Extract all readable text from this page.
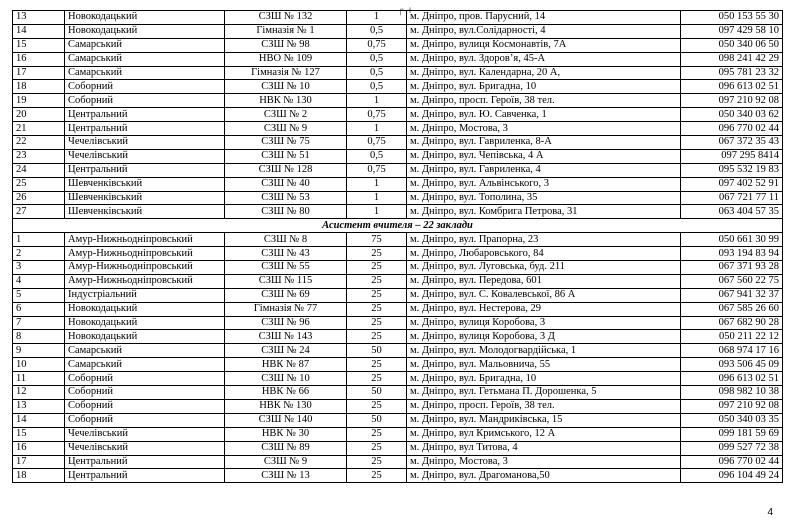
╒ +
13	Новокодацький	СЗШ № 132	1	м. Дніпро, пров. Парусний, 14	050 153 55 30
14	Новокодацький	Гімназія № 1	0,5	м. Дніпро, вул.Солідарності, 4	097 429 58 10
15	Самарський	СЗШ № 98	0,75	м. Дніпро, вулиця Космонавтів, 7А	050 340 06 50
16	Самарський	НВО № 109	0,5	м. Дніпро, вул. Здоров’я, 45-А	098 241 42 29
17	Самарський	Гімназія № 127	0,5	м. Дніпро, вул. Календарна, 20 А,	095 781 23 32
18	Соборний	СЗШ № 10	0,5	м. Дніпро, вул. Бригадна, 10	096 613 02 51
19	Соборний	НВК № 130	1	м. Дніпро, просп. Героїв, 38 тел.	097 210 92 08
20	Центральний	СЗШ № 2	0,75	м. Дніпро, вул. Ю. Савченка, 1	050 340 03 62
21	Центральний	СЗШ № 9	1	м. Дніпро, Мостова, 3	096 770 02 44
22	Чечелівський	СЗШ № 75	0,75	м. Дніпро, вул. Гавриленка, 8-А	067 372 35 43
23	Чечелівський	СЗШ № 51	0,5	м. Дніпро, вул. Чепівська, 4 А	097 295 8414
24	Центральний	СЗШ № 128	0,75	м. Дніпро, вул. Гавриленка, 4	095 532 19 83
25	Шевченківський	СЗШ № 40	1	м. Дніпро, вул. Альвінського, 3	097 402 52 91
26	Шевченківський	СЗШ № 53	1	м. Дніпро, вул. Тополина, 35	067 721 77 11
27	Шевченківський	СЗШ № 80	1	м. Дніпро, вул. Комбрига Петрова, 31	063 404 57 35
Асистент вчителя – 22 заклади					
1	Амур-Нижньодніпровський	СЗШ № 8	75	м. Дніпро, вул. Прапорна, 23	050 661 30 99
2	Амур-Нижньодніпровський	СЗШ № 43	25	м. Дніпро, Любаровського, 84	093 194 83 94
3	Амур-Нижньодніпровський	СЗШ № 55	25	м. Дніпро, вул. Луговська, буд. 211	067 371 93 28
4	Амур-Нижньодніпровський	СЗШ № 115	25	м. Дніпро, вул. Передова, 601	067 560 22 75
5	Індустріальний	СЗШ № 69	25	м. Дніпро, вул. С. Ковалевської, 86 А	067 941 32 37
6	Новокодацький	Гімназія № 77	25	м. Дніпро, вул. Нестерова, 29	067 585 26 60
7	Новокодацький	СЗШ № 96	25	м. Дніпро, вулиця Коробова, 3	067 682 90 28
8	Новокодацький	СЗШ № 143	25	м. Дніпро, вулиця Коробова, 3 Д	050 211 22 12
9	Самарський	СЗШ № 24	50	м. Дніпро, вул. Молодогвардійська, 1	068 974 17 16
10	Самарський	НВК № 87	25	м. Дніпро, вул. Мальовнича, 55	093 506 45 09
11	Соборний	СЗШ № 10	25	м. Дніпро, вул. Бригадна, 10	096 613 02 51
12	Соборний	НВК № 66	50	м. Дніпро, вул. Гетьмана П. Дорошенка, 5	098 982 10 38
13	Соборний	НВК № 130	25	м. Дніпро, просп. Героїв, 38 тел.	097 210 92 08
14	Соборний	СЗШ № 140	50	м. Дніпро, вул. Мандриківська, 15	050 340 03 35
15	Чечелівський	НВК № 30	25	м. Дніпро, вул Кримського, 12 А	099 181 59 69
16	Чечелівський	СЗШ № 89	25	м. Дніпро, вул Титова, 4	099 527 72 38
17	Центральний	СЗШ № 9	25	м. Дніпро, Мостова, 3	096 770 02 44
18	Центральний	СЗШ № 13	25	м. Дніпро, вул. Драгоманова,50	096 104 49 24
4
